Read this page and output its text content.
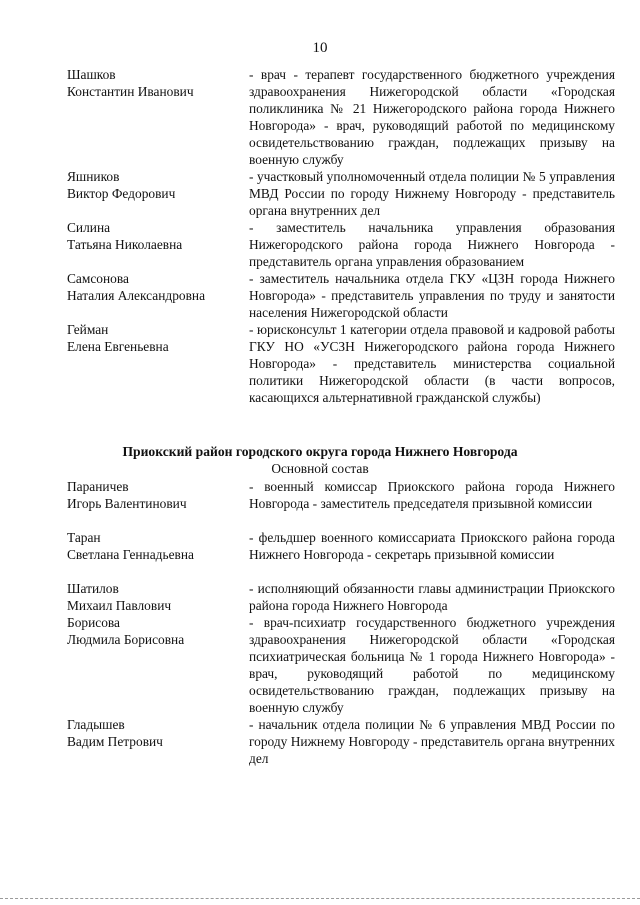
10
Шашков
Константин Иванович
- врач - терапевт государственного бюджетного учреждения здравоохранения Нижегородской области «Городская поликлиника № 21 Нижегородского района города Нижнего Новгорода» - врач, руководящий работой по медицинскому освидетельствованию граждан, подлежащих призыву на военную службу
Яшников
Виктор Федорович
- участковый уполномоченный отдела полиции № 5 управления МВД России по городу Нижнему Новгороду - представитель органа внутренних дел
Силина
Татьяна Николаевна
- заместитель начальника управления образования Нижегородского района города Нижнего Новгорода - представитель органа управления образованием
Самсонова
Наталия Александровна
- заместитель начальника отдела ГКУ «ЦЗН города Нижнего Новгорода» - представитель управления по труду и занятости населения Нижегородской области
Гейман
Елена Евгеньевна
- юрисконсульт 1 категории отдела правовой и кадровой работы ГКУ НО «УСЗН Нижегородского района города Нижнего Новгорода» - представитель министерства социальной политики Нижегородской области (в части вопросов, касающихся альтернативной гражданской службы)
Приокский район городского округа города Нижнего Новгорода
Основной состав
Параничев
Игорь Валентинович
- военный комиссар Приокского района города Нижнего Новгорода - заместитель председателя призывной комиссии
Таран
Светлана Геннадьевна
- фельдшер военного комиссариата Приокского района города Нижнего Новгорода - секретарь призывной комиссии
Шатилов
Михаил Павлович
- исполняющий обязанности главы администрации Приокского района города Нижнего Новгорода
Борисова
Людмила Борисовна
- врач-психиатр государственного бюджетного учреждения здравоохранения Нижегородской области «Городская психиатрическая больница № 1 города Нижнего Новгорода» - врач, руководящий работой по медицинскому освидетельствованию граждан, подлежащих призыву на военную службу
Гладышев
Вадим Петрович
- начальник отдела полиции № 6 управления МВД России по городу Нижнему Новгороду - представитель органа внутренних дел
